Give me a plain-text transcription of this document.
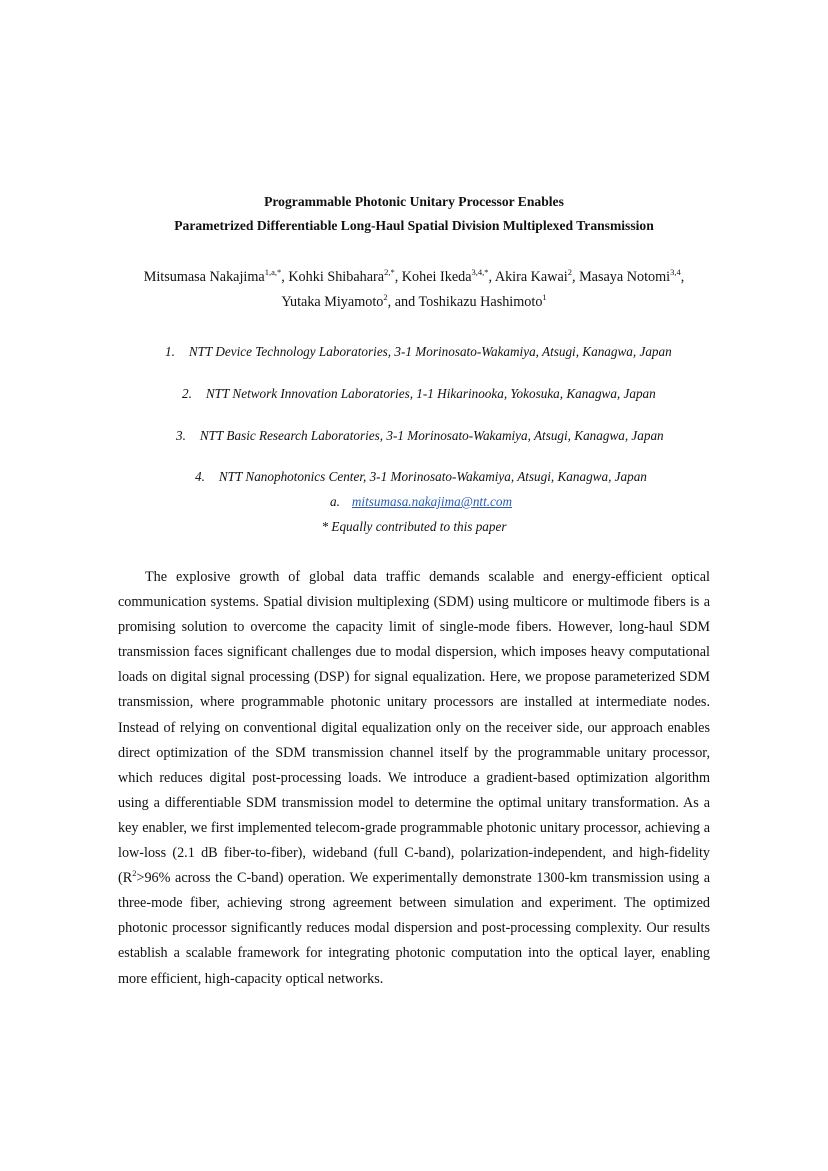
Programmable Photonic Unitary Processor Enables
Parametrized Differentiable Long-Haul Spatial Division Multiplexed Transmission
Mitsumasa Nakajima$^{1,a,*}$, Kohki Shibahara$^{2,*}$, Kohei Ikeda$^{3,4,*}$, Akira Kawai$^2$, Masaya Notomi$^{3,4}$,
Yutaka Miyamoto$^2$, and Toshikazu Hashimoto$^1$
1. NTT Device Technology Laboratories, 3-1 Morinosato-Wakamiya, Atsugi, Kanagwa, Japan
2. NTT Network Innovation Laboratories, 1-1 Hikarinooka, Yokosuka, Kanagwa, Japan
3. NTT Basic Research Laboratories, 3-1 Morinosato-Wakamiya, Atsugi, Kanagwa, Japan
4. NTT Nanophotonics Center, 3-1 Morinosato-Wakamiya, Atsugi, Kanagwa, Japan
a. mitsumasa.nakajima@ntt.com
* Equally contributed to this paper

The explosive growth of global data traffic demands scalable and energy-efficient optical communication systems. Spatial division multiplexing (SDM) using multicore or multimode fibers is a promising solution to overcome the capacity limit of single-mode fibers. However, long-haul SDM transmission faces significant challenges due to modal dispersion, which imposes heavy computational loads on digital signal processing (DSP) for signal equalization. Here, we propose parameterized SDM transmission, where programmable photonic unitary processors are installed at intermediate nodes. Instead of relying on conventional digital equalization only on the receiver side, our approach enables direct optimization of the SDM transmission channel itself by the programmable unitary processor, which reduces digital post-processing loads. We introduce a gradient-based optimization algorithm using a differentiable SDM transmission model to determine the optimal unitary transformation. As a key enabler, we first implemented telecom-grade programmable photonic unitary processor, achieving a low-loss (2.1 dB fiber-to-fiber), wideband (full C-band), polarization-independent, and high-fidelity ($R^2>96\%$ across the C-band) operation. We experimentally demonstrate 1300-km transmission using a three-mode fiber, achieving strong agreement between simulation and experiment. The optimized photonic processor significantly reduces modal dispersion and post-processing complexity. Our results establish a scalable framework for integrating photonic computation into the optical layer, enabling more efficient, high-capacity optical networks.
